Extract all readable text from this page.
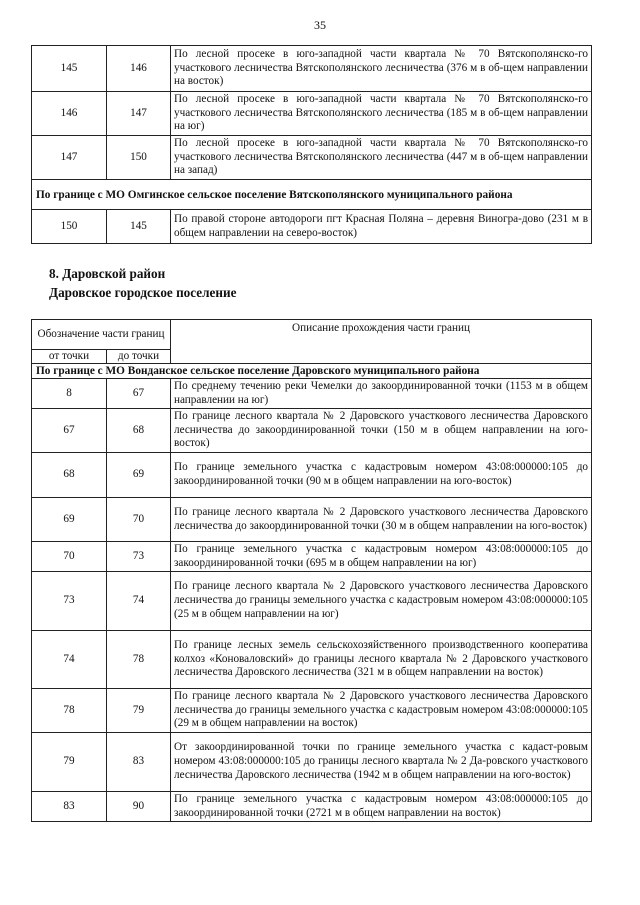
35
145	146	По лесной просеке в юго-западной части квартала № 70 Вятскополянско-го участкового лесничества Вятскополянского лесничества (376 м в об-щем направлении на восток)
146	147	По лесной просеке в юго-западной части квартала № 70 Вятскополянско-го участкового лесничества Вятскополянского лесничества (185 м в об-щем направлении на юг)
147	150	По лесной просеке в юго-западной части квартала № 70 Вятскополянско-го участкового лесничества Вятскополянского лесничества (447 м в об-щем направлении на запад)
По границе с МО Омгинское сельское поселение Вятскополянского муниципального района		
150	145	По правой стороне автодороги пгт Красная Поляна – деревня Виногра-дово (231 м в общем направлении на северо-восток)
8. Даровской район
Даровское городское поселение
Обозначение части границ		Описание прохождения части границ
от точки	до точки	
По границе с МО Вонданское сельское поселение Даровского муниципального района		
8	67	По среднему течению реки Чемелки до закоординированной точки (1153 м в общем направлении на юг)
67	68	По границе лесного квартала № 2 Даровского участкового лесничества Даровского лесничества до закоординированной точки (150 м в общем направлении на юго-восток)
68	69	По границе земельного участка с кадастровым номером 43:08:000000:105 до закоординированной точки (90 м в общем направлении на юго-восток)
69	70	По границе лесного квартала № 2 Даровского участкового лесничества Даровского лесничества до закоординированной точки (30 м в общем направлении на юго-восток)
70	73	По границе земельного участка с кадастровым номером 43:08:000000:105 до закоординированной точки (695 м в общем направлении на юг)
73	74	По границе лесного квартала № 2 Даровского участкового лесничества Даровского лесничества до границы земельного участка с кадастровым номером 43:08:000000:105 (25 м в общем направлении на юг)
74	78	По границе лесных земель сельскохозяйственного производственного кооператива колхоз «Коноваловский» до границы лесного квартала № 2 Даровского участкового лесничества Даровского лесничества (321 м в общем направлении на восток)
78	79	По границе лесного квартала № 2 Даровского участкового лесничества Даровского лесничества до границы земельного участка с кадастровым номером 43:08:000000:105 (29 м в общем направлении на восток)
79	83	От закоординированной точки по границе земельного участка с кадаст-ровым номером 43:08:000000:105 до границы лесного квартала № 2 Да-ровского участкового лесничества Даровского лесничества (1942 м в общем направлении на юго-восток)
83	90	По границе земельного участка с кадастровым номером 43:08:000000:105 до закоординированной точки (2721 м в общем направлении на восток)
